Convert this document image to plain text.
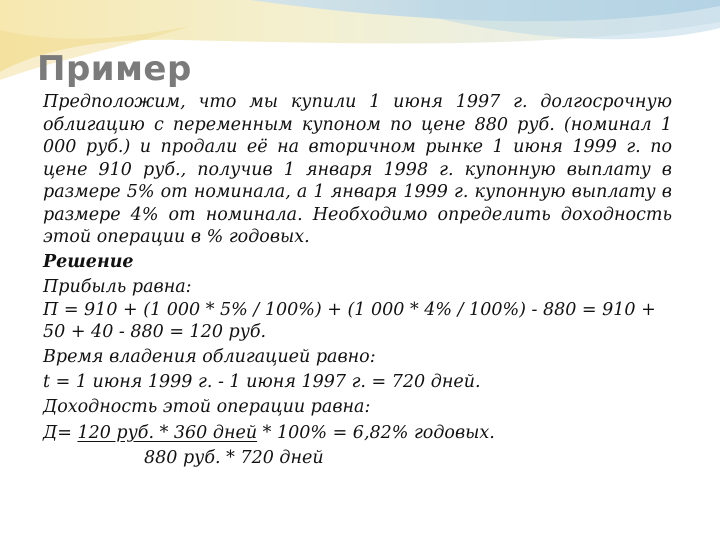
Пример

Предположим, что мы купили 1 июня 1997 г. долгосрочную облигацию с переменным купоном по цене 880 руб. (номинал 1 000 руб.) и продали её на вторичном рынке 1 июня 1999 г. по цене 910 руб., получив 1 января 1998 г. купонную выплату в размере 5% от номинала, а 1 января 1999 г. купонную выплату в размере 4% от номинала. Необходимо определить доходность этой операции в % годовых.

Решение

Прибыль равна:

П = 910 + (1 000 * 5% / 100%) + (1 000 * 4% / 100%) - 880 = 910 + 50 + 40 - 880 = 120 руб.

Время владения облигацией равно:

t = 1 июня 1999 г. - 1 июня 1997 г. = 720 дней.

Доходность этой операции равна:

Д= 120 руб. * 360 дней * 100% = 6,82% годовых.

880 руб. * 720 дней
